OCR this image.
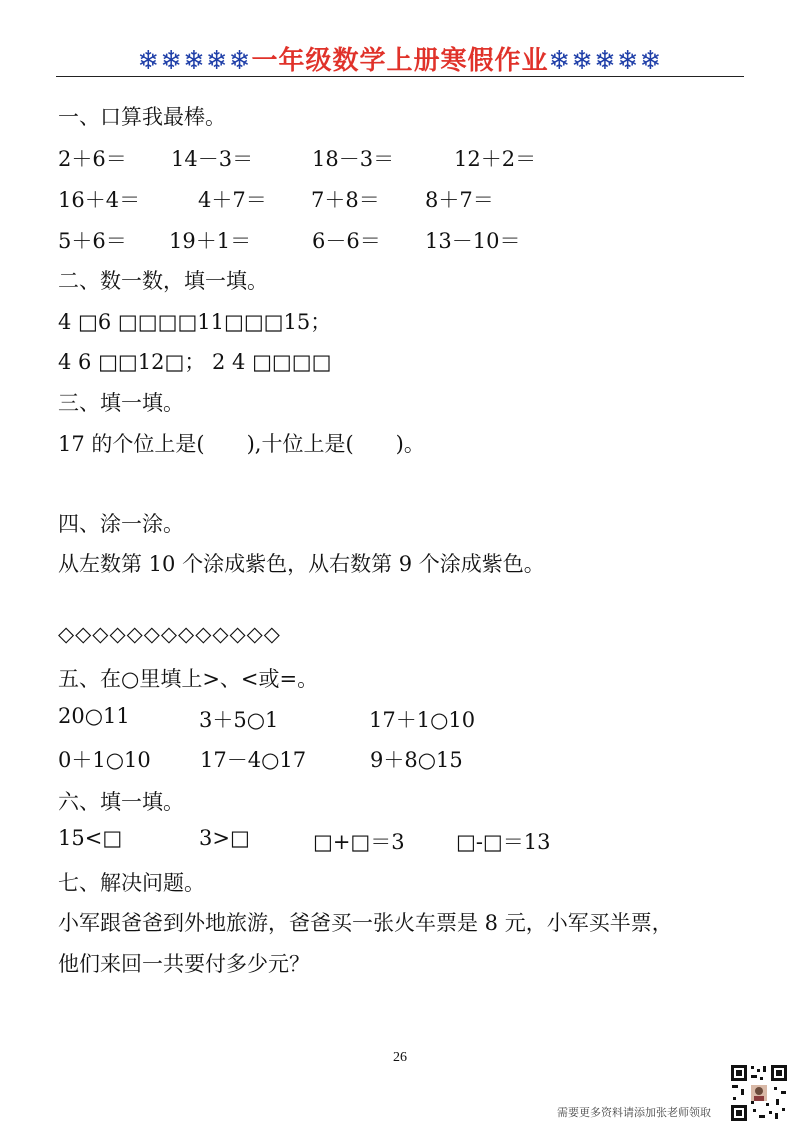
❄❄❄❄❄一年级数学上册寒假作业❄❄❄❄❄
一、口算我最棒。
2＋6＝ 14－3＝	18－3＝	12＋2＝
16＋4＝	4＋7＝ 7＋8＝ 8＋7＝
5＋6＝ 19＋1＝	6－6＝ 13－10＝
二、数一数，填一填。
4 □6 □□□□11□□□15；
4 6 □□12□； 2 4 □□□□
三、填一填。
17 的个位上是(　　),十位上是(　　)。
四、涂一涂。
从左数第 10 个涂成紫色，从右数第 9 个涂成紫色。
◇◇◇◇◇◇◇◇◇◇◇◇◇
五、在○里填上>、<或=。
20○11	3＋5○1	17＋1○10
0＋1○10 17－4○17	9＋8○15
六、填一填。
15<□	3>□	□+□＝3 □-□＝13
七、解决问题。
小军跟爸爸到外地旅游，爸爸买一张火车票是 8 元，小军买半票，
他们来回一共要付多少元？
26
需要更多资料请添加张老师领取
